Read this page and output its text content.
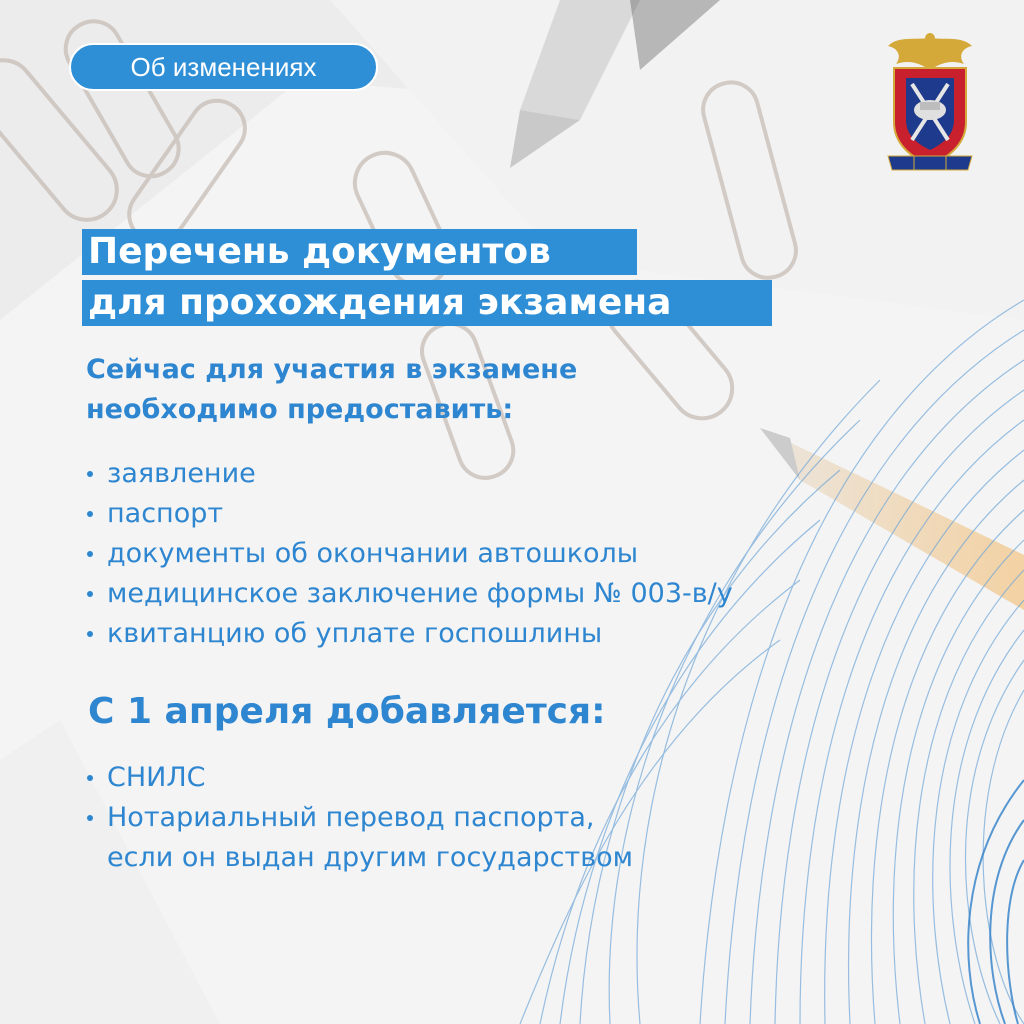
Об изменениях
Перечень документов
для прохождения экзамена
Сейчас для участия в экзамене
необходимо предоставить:
заявление
паспорт
документы об окончании автошколы
медицинское заключение формы № 003-в/у
квитанцию об уплате госпошлины
С 1 апреля добавляется:
СНИЛС
Нотариальный перевод паспорта,
если он выдан другим государством
